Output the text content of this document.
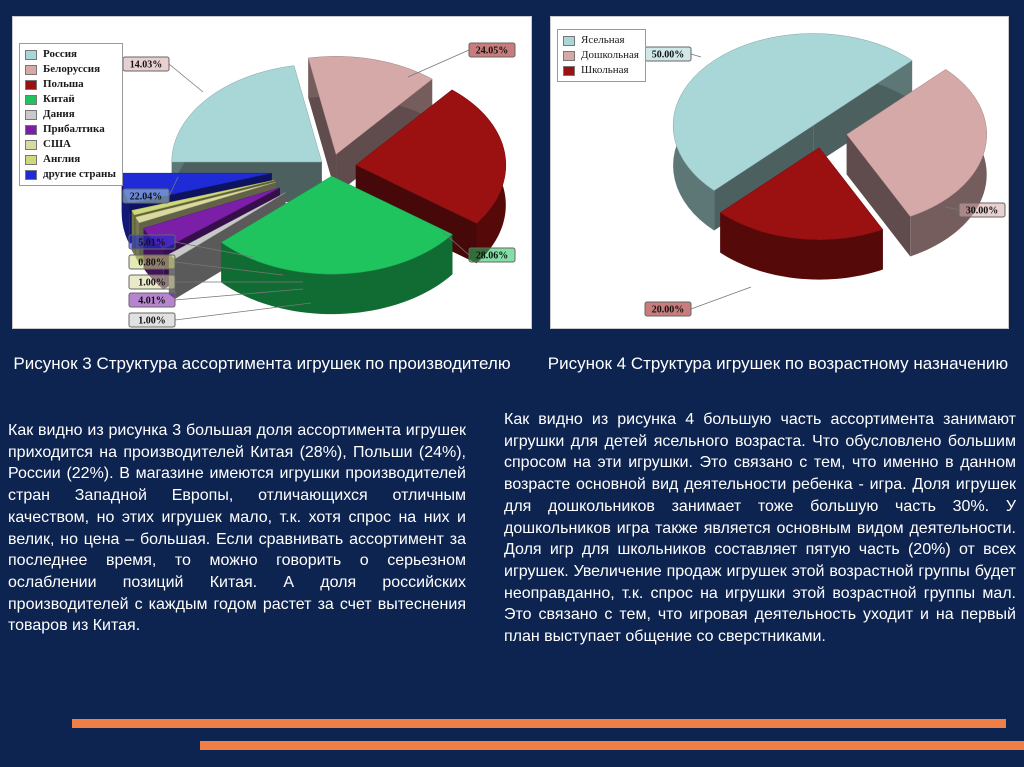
22.04%
14.03%
24.05%
28.06%
1.00%
4.01%
1.00%
0.80%
5.01%
Россия
Белоруссия
Польша
Китай
Дания
Прибалтика
США
Англия
другие страны
50.00%
30.00%
20.00%
Ясельная
Дошкольная
Школьная
Рисунок 3 Структура ассортимента игрушек по производителю	Рисунок 4 Структура игрушек по возрастному назначению
Как видно из рисунка 3 большая доля ассортимента игрушек приходится на производителей Китая (28%), Польши (24%), России (22%). В магазине имеются игрушки производителей стран Западной Европы, отличающихся отличным качеством, но этих игрушек мало, т.к. хотя спрос на них и велик, но цена – большая. Если сравнивать ассортимент за последнее время, то можно говорить о серьезном ослаблении позиций Китая. А доля российских производителей с каждым годом растет за счет вытеснения товаров из Китая.
Как видно из рисунка 4 большую часть ассортимента занимают игрушки для детей ясельного возраста. Что обусловлено большим спросом на эти игрушки. Это связано с тем, что именно в данном возрасте основной вид деятельности ребенка - игра. Доля игрушек для дошкольников занимает тоже большую часть 30%. У дошкольников игра также является основным видом деятельности. Доля игр для школьников составляет пятую часть (20%) от всех игрушек. Увеличение продаж игрушек этой возрастной группы будет неоправданно, т.к. спрос на игрушки этой возрастной группы мал. Это связано с тем, что игровая деятельность уходит и на первый план выступает общение со сверстниками.
